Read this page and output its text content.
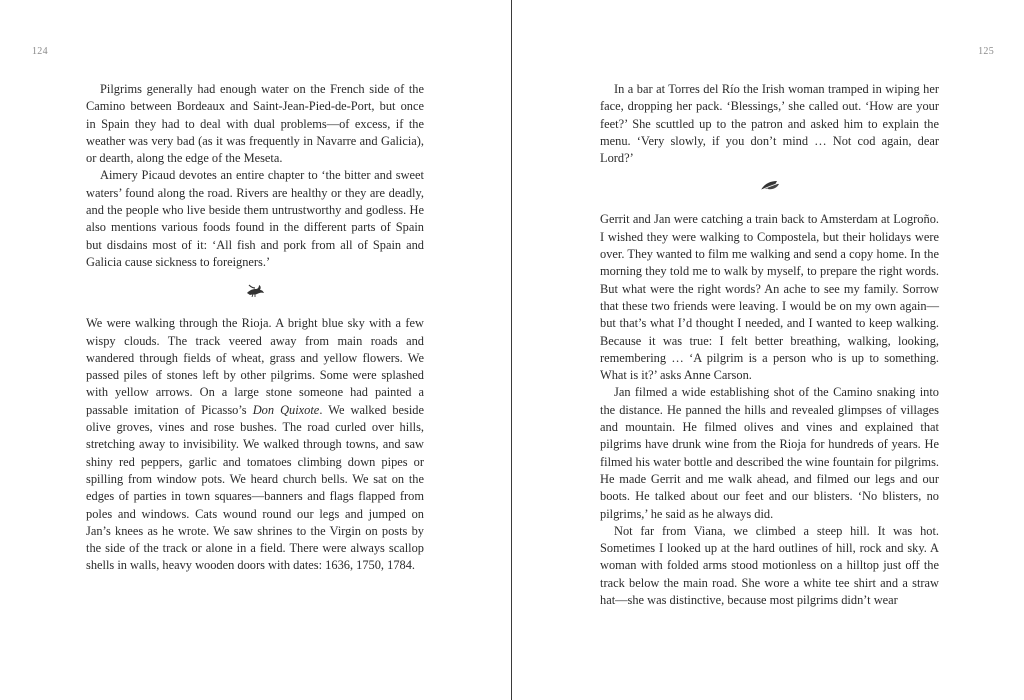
124

Pilgrims generally had enough water on the French side of the Camino between Bordeaux and Saint-Jean-Pied-de-Port, but once in Spain they had to deal with dual problems—of excess, if the weather was very bad (as it was frequently in Navarre and Galicia), or dearth, along the edge of the Meseta.

Aimery Picaud devotes an entire chapter to ‘the bitter and sweet waters’ found along the road. Rivers are healthy or they are deadly, and the people who live beside them untrustworthy and godless. He also mentions various foods found in the different parts of Spain but disdains most of it: ‘All fish and pork from all of Spain and Galicia cause sickness to foreigners.’

We were walking through the Rioja. A bright blue sky with a few wispy clouds. The track veered away from main roads and wandered through fields of wheat, grass and yellow flowers. We passed piles of stones left by other pilgrims. Some were splashed with yellow arrows. On a large stone someone had painted a passable imitation of Picasso’s Don Quixote. We walked beside olive groves, vines and rose bushes. The road curled over hills, stretching away to invisibility. We walked through towns, and saw shiny red peppers, garlic and tomatoes climbing down pipes or spilling from window pots. We heard church bells. We sat on the edges of parties in town squares—banners and flags flapped from poles and windows. Cats wound round our legs and jumped on Jan’s knees as he wrote. We saw shrines to the Virgin on posts by the side of the track or alone in a field. There were always scallop shells in walls, heavy wooden doors with dates: 1636, 1750, 1784.

125

In a bar at Torres del Río the Irish woman tramped in wiping her face, dropping her pack. ‘Blessings,’ she called out. ‘How are your feet?’ She scuttled up to the patron and asked him to explain the menu. ‘Very slowly, if you don’t mind … Not cod again, dear Lord?’

Gerrit and Jan were catching a train back to Amsterdam at Logroño. I wished they were walking to Compostela, but their holidays were over. They wanted to film me walking and send a copy home. In the morning they told me to walk by myself, to prepare the right words. But what were the right words? An ache to see my family. Sorrow that these two friends were leaving. I would be on my own again—but that’s what I’d thought I needed, and I wanted to keep walking. Because it was true: I felt better breathing, walking, looking, remembering … ‘A pilgrim is a person who is up to something. What is it?’ asks Anne Carson.

Jan filmed a wide establishing shot of the Camino snaking into the distance. He panned the hills and revealed glimpses of villages and mountain. He filmed olives and vines and explained that pilgrims have drunk wine from the Rioja for hundreds of years. He filmed his water bottle and described the wine fountain for pilgrims. He made Gerrit and me walk ahead, and filmed our legs and our boots. He talked about our feet and our blisters. ‘No blisters, no pilgrims,’ he said as he always did.

Not far from Viana, we climbed a steep hill. It was hot. Sometimes I looked up at the hard outlines of hill, rock and sky. A woman with folded arms stood motionless on a hilltop just off the track below the main road. She wore a white tee shirt and a straw hat—she was distinctive, because most pilgrims didn’t wear
